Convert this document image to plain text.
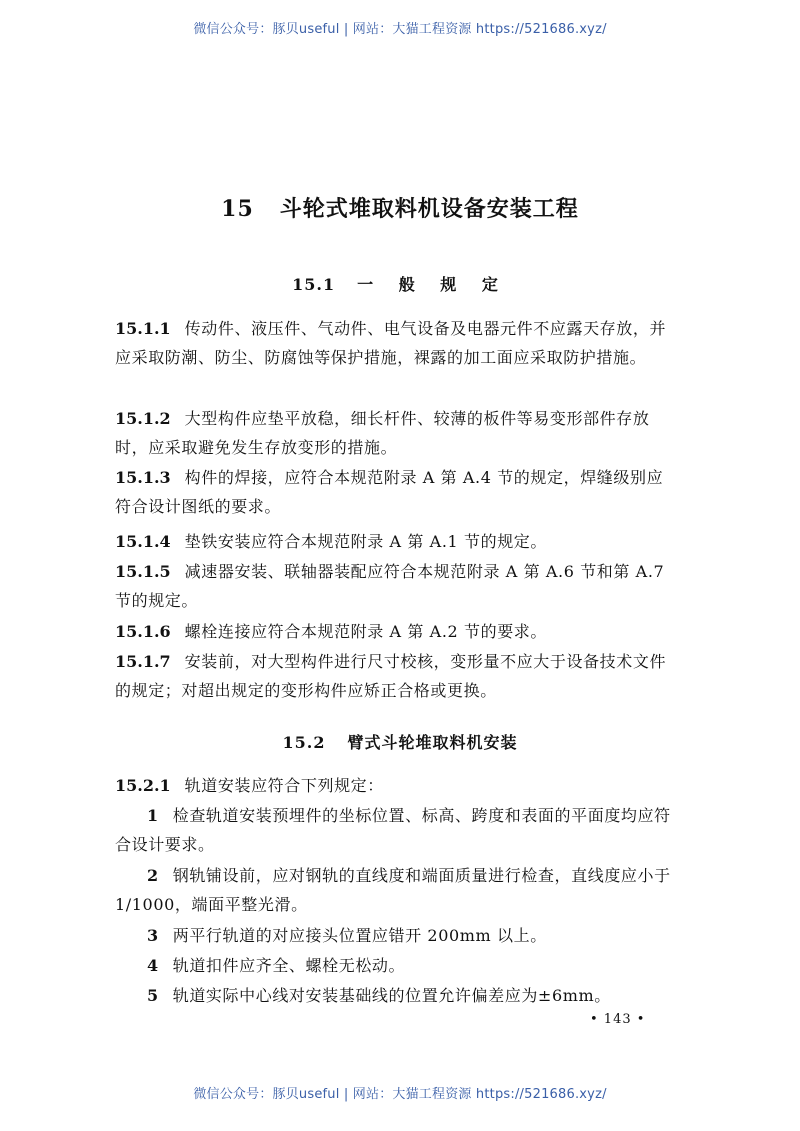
微信公众号：豚贝useful | 网站：大猫工程资源 https://521686.xyz/
15 斗轮式堆取料机设备安装工程
15.1 一 般 规 定
15.1.1 传动件、液压件、气动件、电气设备及电器元件不应露天存放，并应采取防潮、防尘、防腐蚀等保护措施，裸露的加工面应采取防护措施。
15.1.2 大型构件应垫平放稳，细长杆件、较薄的板件等易变形部件存放时，应采取避免发生存放变形的措施。
15.1.3 构件的焊接，应符合本规范附录 A 第 A.4 节的规定，焊缝级别应符合设计图纸的要求。
15.1.4 垫铁安装应符合本规范附录 A 第 A.1 节的规定。
15.1.5 减速器安装、联轴器装配应符合本规范附录 A 第 A.6 节和第 A.7 节的规定。
15.1.6 螺栓连接应符合本规范附录 A 第 A.2 节的要求。
15.1.7 安装前，对大型构件进行尺寸校核，变形量不应大于设备技术文件的规定；对超出规定的变形构件应矫正合格或更换。
15.2 臂式斗轮堆取料机安装
15.2.1 轨道安装应符合下列规定：
1 检查轨道安装预埋件的坐标位置、标高、跨度和表面的平面度均应符合设计要求。
2 钢轨铺设前，应对钢轨的直线度和端面质量进行检查，直线度应小于 1/1000，端面平整光滑。
3 两平行轨道的对应接头位置应错开 200mm 以上。
4 轨道扣件应齐全、螺栓无松动。
5 轨道实际中心线对安装基础线的位置允许偏差应为±6mm。
• 143 •
微信公众号：豚贝useful | 网站：大猫工程资源 https://521686.xyz/
